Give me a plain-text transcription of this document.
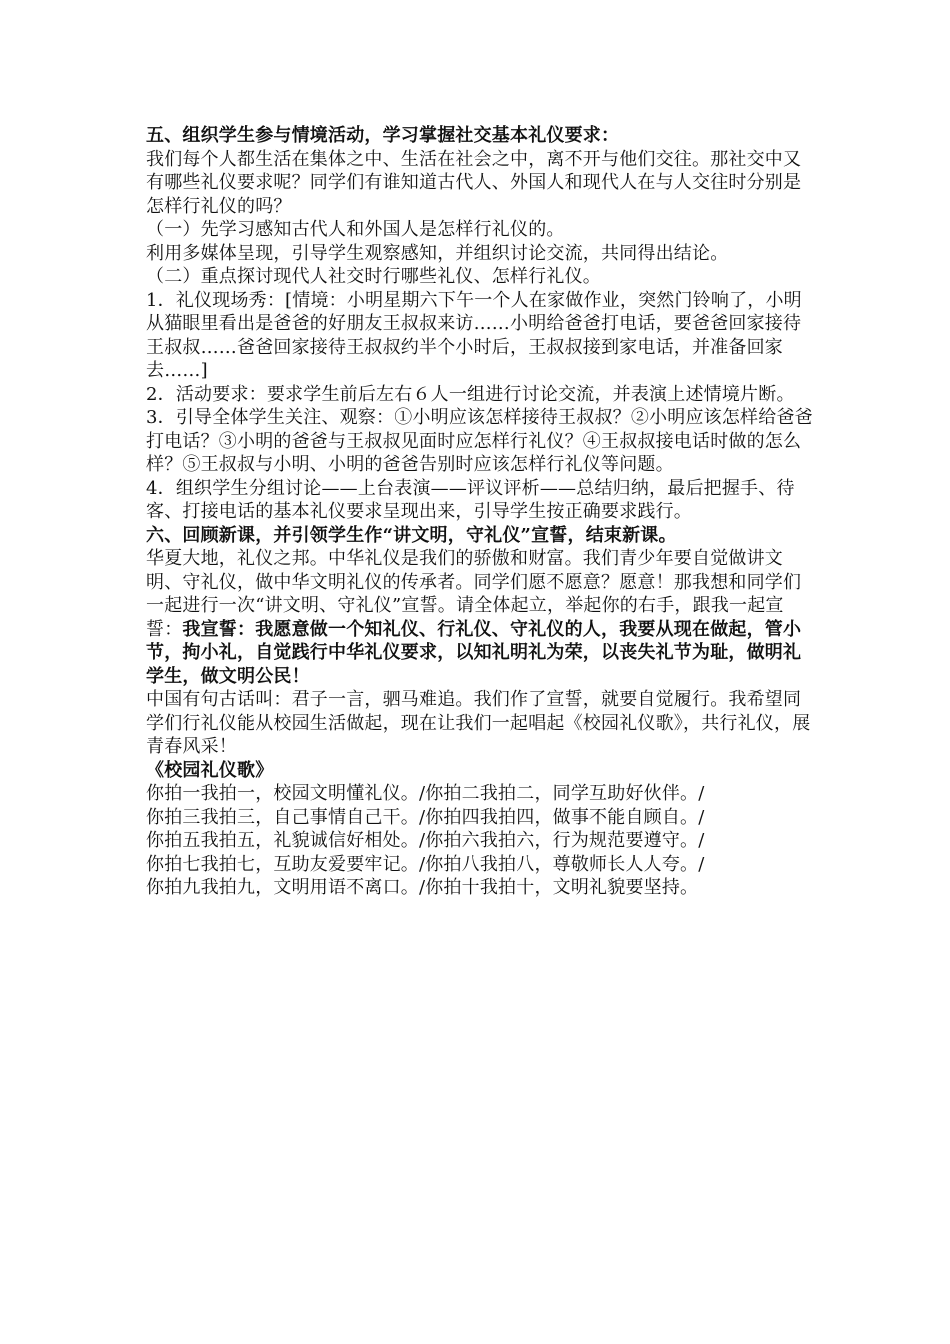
五、组织学生参与情境活动，学习掌握社交基本礼仪要求：

我们每个人都生活在集体之中、生活在社会之中，离不开与他们交往。那社交中又有哪些礼仪要求呢？同学们有谁知道古代人、外国人和现代人在与人交往时分别是怎样行礼仪的吗？

（一）先学习感知古代人和外国人是怎样行礼仪的。

利用多媒体呈现，引导学生观察感知，并组织讨论交流，共同得出结论。

（二）重点探讨现代人社交时行哪些礼仪、怎样行礼仪。

1．礼仪现场秀：[情境：小明星期六下午一个人在家做作业，突然门铃响了，小明从猫眼里看出是爸爸的好朋友王叔叔来访……小明给爸爸打电话，要爸爸回家接待王叔叔……爸爸回家接待王叔叔约半个小时后，王叔叔接到家电话，并准备回家去……]

2．活动要求：要求学生前后左右６人一组进行讨论交流，并表演上述情境片断。

3．引导全体学生关注、观察：①小明应该怎样接待王叔叔？②小明应该怎样给爸爸打电话？③小明的爸爸与王叔叔见面时应怎样行礼仪？④王叔叔接电话时做的怎么样？⑤王叔叔与小明、小明的爸爸告别时应该怎样行礼仪等问题。

4．组织学生分组讨论——上台表演——评议评析——总结归纳，最后把握手、待客、打接电话的基本礼仪要求呈现出来，引导学生按正确要求践行。

六、回顾新课，并引领学生作“讲文明，守礼仪”宣誓，结束新课。

华夏大地，礼仪之邦。中华礼仪是我们的骄傲和财富。我们青少年要自觉做讲文明、守礼仪，做中华文明礼仪的传承者。同学们愿不愿意？愿意！那我想和同学们一起进行一次“讲文明、守礼仪”宣誓。请全体起立，举起你的右手，跟我一起宣誓：我宣誓：我愿意做一个知礼仪、行礼仪、守礼仪的人，我要从现在做起，管小节，拘小礼，自觉践行中华礼仪要求，以知礼明礼为荣，以丧失礼节为耻，做明礼学生，做文明公民！

中国有句古话叫：君子一言，驷马难追。我们作了宣誓，就要自觉履行。我希望同学们行礼仪能从校园生活做起，现在让我们一起唱起《校园礼仪歌》，共行礼仪，展青春风采！

《校园礼仪歌》

你拍一我拍一，校园文明懂礼仪。/你拍二我拍二，同学互助好伙伴。/

你拍三我拍三，自己事情自己干。/你拍四我拍四，做事不能自顾自。/

你拍五我拍五，礼貌诚信好相处。/你拍六我拍六，行为规范要遵守。/

你拍七我拍七，互助友爱要牢记。/你拍八我拍八，尊敬师长人人夸。/

你拍九我拍九，文明用语不离口。/你拍十我拍十，文明礼貌要坚持。
